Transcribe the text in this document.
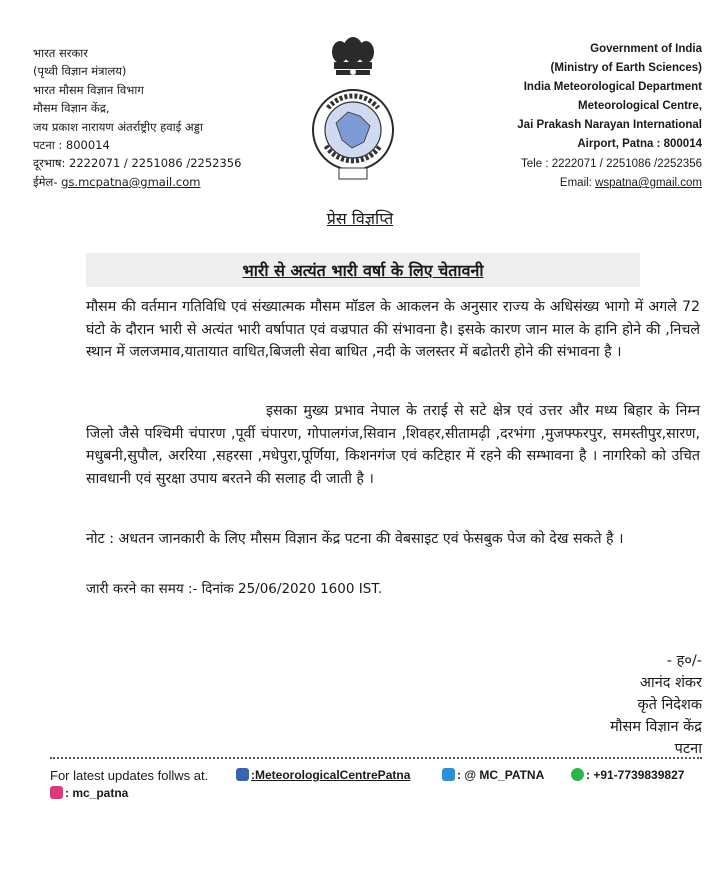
भारत सरकार
(पृथ्वी विज्ञान मंत्रालय)
भारत मौसम विज्ञान विभाग
मौसम विज्ञान केंद्र,
जय प्रकाश नारायण अंतर्राष्ट्रीए हवाई अड्डा
पटना : 800014
दूरभाष: 2222071 / 2251086 /2252356
ईमेल- gs.mcpatna@gmail.com
Government of India
(Ministry of Earth Sciences)
India Meteorological Department
Meteorological Centre,
Jai Prakash Narayan International
Airport, Patna : 800014
Tele : 2222071 / 2251086 /2252356
Email: wspatna@gmail.com
प्रेस विज्ञप्ति
भारी से अत्यंत भारी वर्षा के लिए चेतावनी
मौसम की वर्तमान गतिविधि एवं संख्यात्मक मौसम मॉडल के आकलन के अनुसार राज्य के अधिसंख्य भागो में अगले 72 घंटो के दौरान भारी से अत्यंत भारी वर्षापात एवं वज्रपात की संभावना है। इसके कारण जान माल के हानि होने की ,निचले स्थान में जलजमाव,यातायात वाधित,बिजली सेवा बाधित ,नदी के जलस्तर में बढोतरी होने की संभावना है ।
इसका मुख्य प्रभाव नेपाल के तराई से सटे क्षेत्र एवं उत्तर और मध्य बिहार के निम्न जिलो जैसे पश्चिमी चंपारण ,पूर्वी चंपारण, गोपालगंज,सिवान ,शिवहर,सीतामढ़ी ,दरभंगा ,मुजफ्फरपुर, समस्तीपुर,सारण, मधुबनी,सुपौल, अररिया ,सहरसा ,मधेपुरा,पूर्णिया, किशनगंज एवं कटिहार में रहने की सम्भावना है । नागरिको को उचित सावधानी एवं सुरक्षा उपाय बरतने की सलाह दी जाती है ।
नोट : अधतन जानकारी के लिए मौसम विज्ञान केंद्र पटना की वेबसाइट एवं फेसबुक पेज को देख सकते है ।
जारी करने का समय :- दिनांक 25/06/2020 1600 IST.
- ह०/-
आनंद शंकर
कृते निदेशक
मौसम विज्ञान केंद्र
पटना
For latest updates follws at.	:MeteorologicalCentrePatna	: @ MC_PATNA	: +91-7739839827
: mc_patna
